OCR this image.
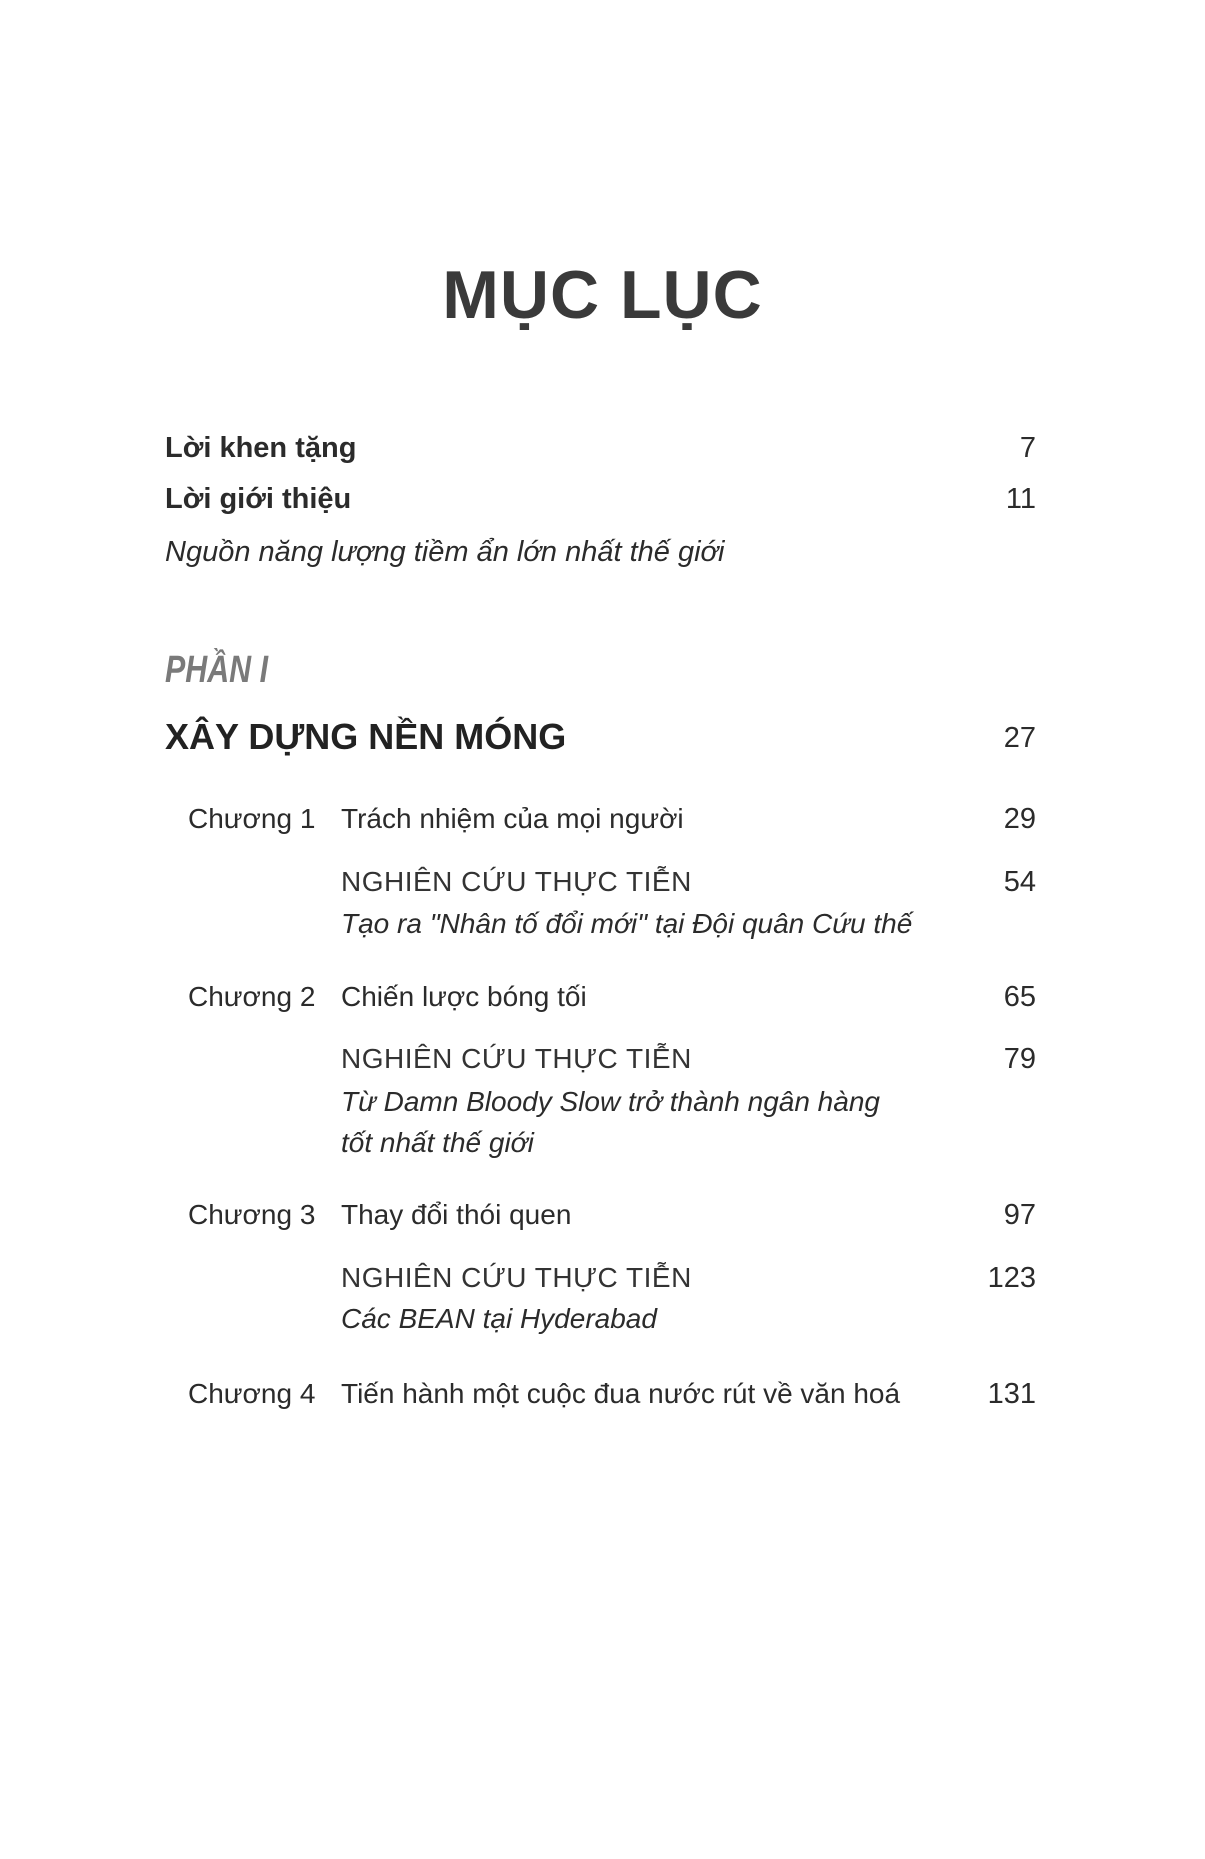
MỤC LỤC
Lời khen tặng	7
Lời giới thiệu	11
Nguồn năng lượng tiềm ẩn lớn nhất thế giới
PHẦN I
XÂY DỰNG NỀN MÓNG	27
Chương 1 Trách nhiệm của mọi người	29
NGHIÊN CỨU THỰC TIỄN	54
Tạo ra "Nhân tố đổi mới" tại Đội quân Cứu thế
Chương 2 Chiến lược bóng tối	65
NGHIÊN CỨU THỰC TIỄN	79
Từ Damn Bloody Slow trở thành ngân hàng
tốt nhất thế giới
Chương 3 Thay đổi thói quen	97
NGHIÊN CỨU THỰC TIỄN	123
Các BEAN tại Hyderabad
Chương 4 Tiến hành một cuộc đua nước rút về văn hoá	131
